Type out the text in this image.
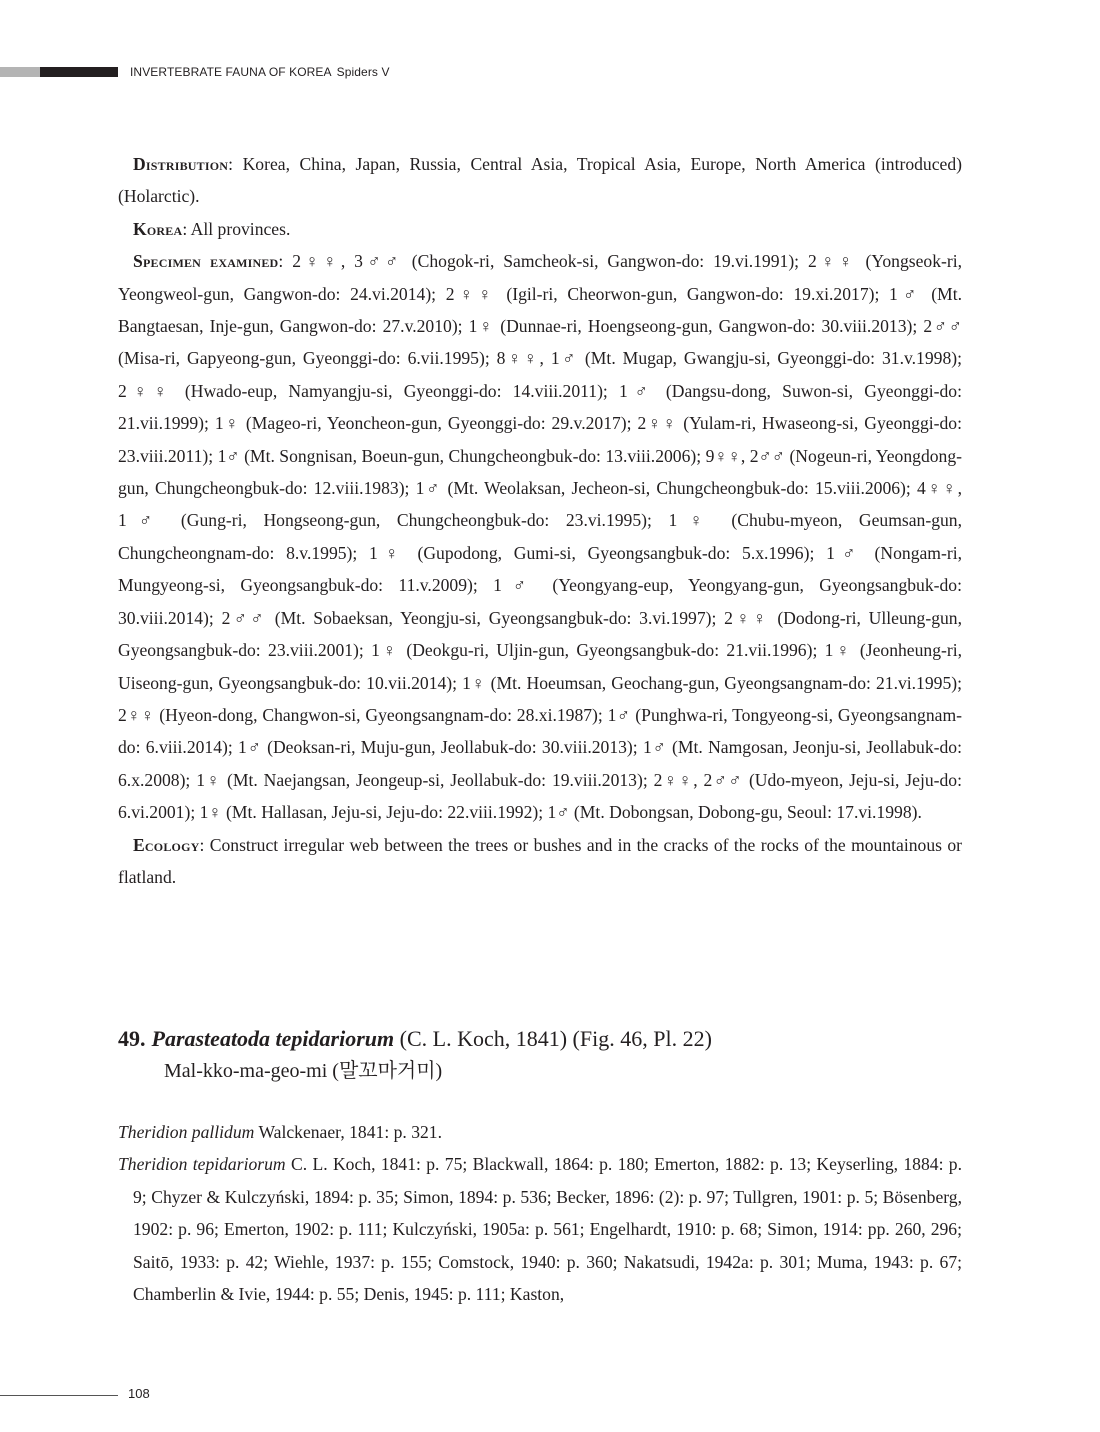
INVERTEBRATE FAUNA OF KOREA Spiders V

Distribution: Korea, China, Japan, Russia, Central Asia, Tropical Asia, Europe, North America (introduced) (Holarctic).

Korea: All provinces.

Specimen examined: 2♀♀, 3♂♂ (Chogok-ri, Samcheok-si, Gangwon-do: 19.vi.1991); 2♀♀ (Yongseok-ri, Yeongweol-gun, Gangwon-do: 24.vi.2014); 2♀♀ (Igil-ri, Cheorwon-gun, Gangwon-do: 19.xi.2017); 1♂ (Mt. Bangtaesan, Inje-gun, Gangwon-do: 27.v.2010); 1♀ (Dunnae-ri, Hoengseong-gun, Gangwon-do: 30.viii.2013); 2♂♂ (Misa-ri, Gapyeong-gun, Gyeonggi-do: 6.vii.1995); 8♀♀, 1♂ (Mt. Mugap, Gwangju-si, Gyeonggi-do: 31.v.1998); 2♀♀ (Hwado-eup, Namyangju-si, Gyeonggi-do: 14.viii.2011); 1♂ (Dangsu-dong, Suwon-si, Gyeonggi-do: 21.vii.1999); 1♀ (Mageo-ri, Yeoncheon-gun, Gyeonggi-do: 29.v.2017); 2♀♀ (Yulam-ri, Hwaseong-si, Gyeonggi-do: 23.viii.2011); 1♂ (Mt. Songnisan, Boeun-gun, Chungcheongbuk-do: 13.viii.2006); 9♀♀, 2♂♂ (Nogeun-ri, Yeongdong-gun, Chungcheongbuk-do: 12.viii.1983); 1♂ (Mt. Weolaksan, Jecheon-si, Chungcheongbuk-do: 15.viii.2006); 4♀♀, 1♂ (Gung-ri, Hongseong-gun, Chungcheongbuk-do: 23.vi.1995); 1♀ (Chubu-myeon, Geumsan-gun, Chungcheongnam-do: 8.v.1995); 1♀ (Gupodong, Gumi-si, Gyeongsangbuk-do: 5.x.1996); 1♂ (Nongam-ri, Mungyeong-si, Gyeongsangbuk-do: 11.v.2009); 1♂ (Yeongyang-eup, Yeongyang-gun, Gyeongsangbuk-do: 30.viii.2014); 2♂♂ (Mt. Sobaeksan, Yeongju-si, Gyeongsangbuk-do: 3.vi.1997); 2♀♀ (Dodong-ri, Ulleung-gun, Gyeongsangbuk-do: 23.viii.2001); 1♀ (Deokgu-ri, Uljin-gun, Gyeongsangbuk-do: 21.vii.1996); 1♀ (Jeonheung-ri, Uiseong-gun, Gyeongsangbuk-do: 10.vii.2014); 1♀ (Mt. Hoeumsan, Geochang-gun, Gyeongsangnam-do: 21.vi.1995); 2♀♀ (Hyeon-dong, Changwon-si, Gyeongsangnam-do: 28.xi.1987); 1♂ (Punghwa-ri, Tongyeong-si, Gyeongsangnam-do: 6.viii.2014); 1♂ (Deoksan-ri, Muju-gun, Jeollabuk-do: 30.viii.2013); 1♂ (Mt. Namgosan, Jeonju-si, Jeollabuk-do: 6.x.2008); 1♀ (Mt. Naejangsan, Jeongeup-si, Jeollabuk-do: 19.viii.2013); 2♀♀, 2♂♂ (Udo-myeon, Jeju-si, Jeju-do: 6.vi.2001); 1♀ (Mt. Hallasan, Jeju-si, Jeju-do: 22.viii.1992); 1♂ (Mt. Dobongsan, Dobong-gu, Seoul: 17.vi.1998).

Ecology: Construct irregular web between the trees or bushes and in the cracks of the rocks of the mountainous or flatland.

49. Parasteatoda tepidariorum (C. L. Koch, 1841) (Fig. 46, Pl. 22)
Mal-kko-ma-geo-mi (말꼬마거미)

Theridion pallidum Walckenaer, 1841: p. 321.

Theridion tepidariorum C. L. Koch, 1841: p. 75; Blackwall, 1864: p. 180; Emerton, 1882: p. 13; Keyserling, 1884: p. 9; Chyzer & Kulczyński, 1894: p. 35; Simon, 1894: p. 536; Becker, 1896: (2): p. 97; Tullgren, 1901: p. 5; Bösenberg, 1902: p. 96; Emerton, 1902: p. 111; Kulczyński, 1905a: p. 561; Engelhardt, 1910: p. 68; Simon, 1914: pp. 260, 296; Saitō, 1933: p. 42; Wiehle, 1937: p. 155; Comstock, 1940: p. 360; Nakatsudi, 1942a: p. 301; Muma, 1943: p. 67; Chamberlin & Ivie, 1944: p. 55; Denis, 1945: p. 111; Kaston,

108
